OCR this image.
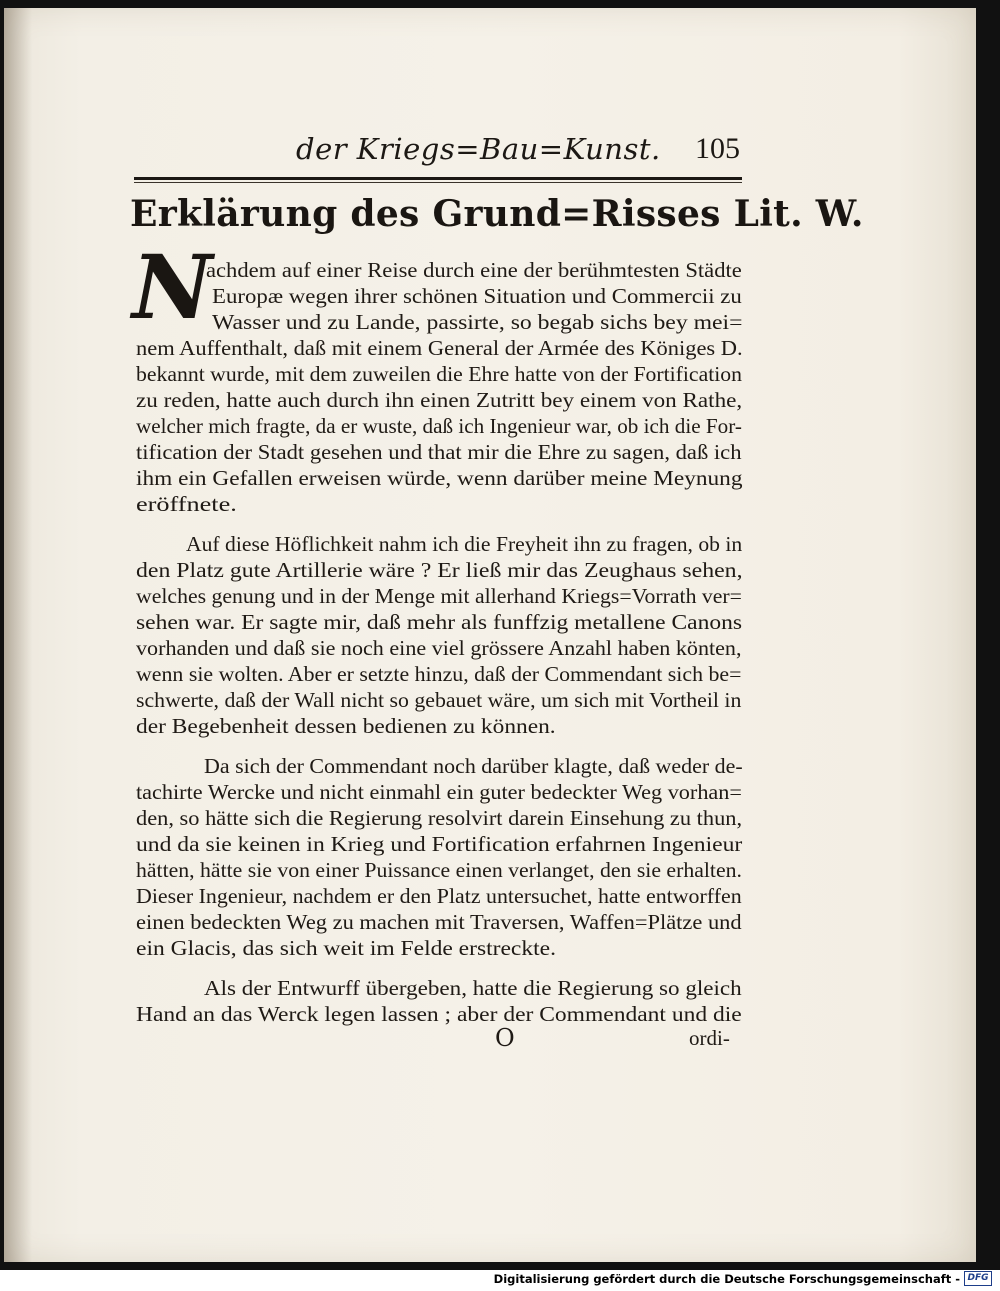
der Kriegs=Bau=Kunst. 105
Erklärung des Grund=Risses Lit. W.
N
achdem auf einer Reise durch eine der berühmtesten Städte
Europæ wegen ihrer schönen Situation und Commercii zu
Wasser und zu Lande, passirte, so begab sichs bey mei=
nem Auffenthalt, daß mit einem General der Armée des Königes D.
bekannt wurde, mit dem zuweilen die Ehre hatte von der Fortification
zu reden, hatte auch durch ihn einen Zutritt bey einem von Rathe,
welcher mich fragte, da er wuste, daß ich Ingenieur war, ob ich die For-
tification der Stadt gesehen und that mir die Ehre zu sagen, daß ich
ihm ein Gefallen erweisen würde, wenn darüber meine Meynung
eröffnete.
Auf diese Höflichkeit nahm ich die Freyheit ihn zu fragen, ob in
den Platz gute Artillerie wäre ? Er ließ mir das Zeughaus sehen,
welches genung und in der Menge mit allerhand Kriegs=Vorrath ver=
sehen war. Er sagte mir, daß mehr als funffzig metallene Canons
vorhanden und daß sie noch eine viel grössere Anzahl haben könten,
wenn sie wolten. Aber er setzte hinzu, daß der Commendant sich be=
schwerte, daß der Wall nicht so gebauet wäre, um sich mit Vortheil in
der Begebenheit dessen bedienen zu können.
Da sich der Commendant noch darüber klagte, daß weder de-
tachirte Wercke und nicht einmahl ein guter bedeckter Weg vorhan=
den, so hätte sich die Regierung resolvirt darein Einsehung zu thun,
und da sie keinen in Krieg und Fortification erfahrnen Ingenieur
hätten, hätte sie von einer Puissance einen verlanget, den sie erhalten.
Dieser Ingenieur, nachdem er den Platz untersuchet, hatte entworffen
einen bedeckten Weg zu machen mit Traversen, Waffen=Plätze und
ein Glacis, das sich weit im Felde erstreckte.
Als der Entwurff übergeben, hatte die Regierung so gleich
Hand an das Werck legen lassen ; aber der Commendant und die
O	ordi-
Digitalisierung gefördert durch die Deutsche Forschungsgemeinschaft - DFG
